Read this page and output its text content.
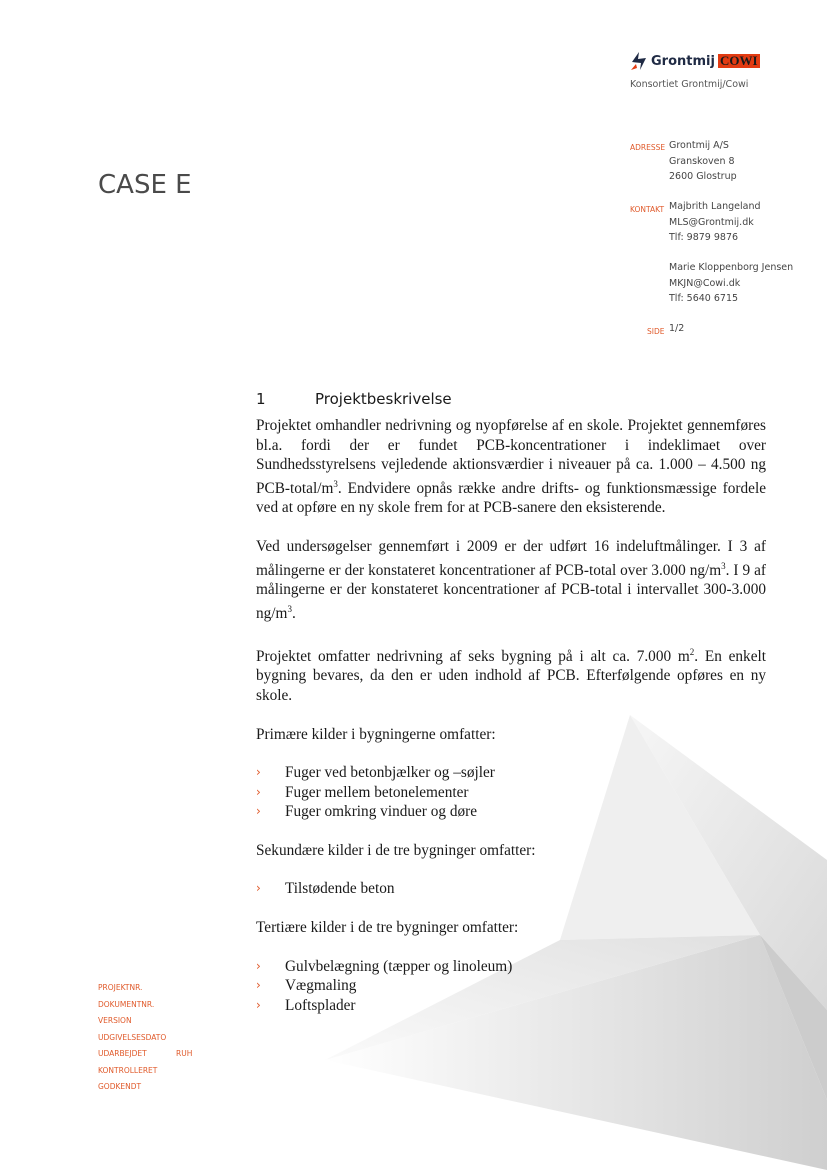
Grontmij COWI
Konsortiet Grontmij/Cowi
CASE E
ADRESSE Grontmij A/S
Granskoven 8
2600 Glostrup
KONTAKT Majbrith Langeland
MLS@Grontmij.dk
Tlf: 9879 9876
Marie Kloppenborg Jensen
MKJN@Cowi.dk
Tlf: 5640 6715
SIDE 1/2
1	Projektbeskrivelse

Projektet omhandler nedrivning og nyopførelse af en skole. Projektet gennemføres bl.a. fordi der er fundet PCB-koncentrationer i indeklimaet over Sundhedsstyrelsens vejledende aktionsværdier i niveauer på ca. 1.000 – 4.500 ng PCB-$total/m^3$. Endvidere opnås række andre drifts- og funktionsmæssige fordele ved at opføre en ny skole frem for at PCB-sanere den eksisterende.

Ved undersøgelser gennemført i 2009 er der udført 16 indeluftmålinger. I 3 af målingerne er der konstateret koncentrationer af PCB-total over 3.000 $ng/m^3$. I 9 af målingerne er der konstateret koncentrationer af PCB-total i intervallet 300-3.000 $ng/m^3$.

Projektet omfatter nedrivning af seks bygning på i alt ca. 7.000 $m^2$. En enkelt bygning bevares, da den er uden indhold af PCB. Efterfølgende opføres en ny skole.

Primære kilder i bygningerne omfatter:

› Fuger ved betonbjælker og –søjler
› Fuger mellem betonelementer
› Fuger omkring vinduer og døre

Sekundære kilder i de tre bygninger omfatter:

› Tilstødende beton

Tertiære kilder i de tre bygninger omfatter:

› Gulvbelægning (tæpper og linoleum)
› Vægmaling
› Loftsplader
PROJEKTNR.
DOKUMENTNR.
VERSION
UDGIVELSESDATO
UDARBEJDET	RUH
KONTROLLERET
GODKENDT
